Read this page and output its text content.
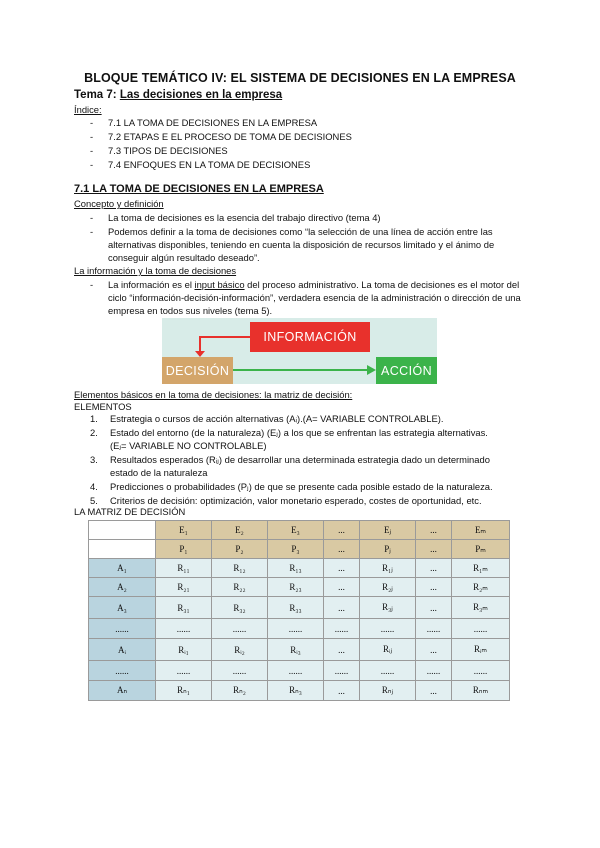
BLOQUE TEMÁTICO IV: EL SISTEMA DE DECISIONES EN LA EMPRESA
Tema 7: Las decisiones en la empresa
Índice:
- 7.1 LA TOMA DE DECISIONES EN LA EMPRESA
- 7.2 ETAPAS E EL PROCESO DE TOMA DE DECISIONES
- 7.3 TIPOS DE DECISIONES
- 7.4 ENFOQUES EN LA TOMA DE DECISIONES
7.1 LA TOMA DE DECISIONES EN LA EMPRESA
Concepto y definición
- La toma de decisiones es la esencia del trabajo directivo (tema 4)
- Podemos definir a la toma de decisiones como “la selección de una línea de acción entre las alternativas disponibles, teniendo en cuenta la disposición de recursos limitado y el ánimo de conseguir algún resultado deseado”.
La información y la toma de decisiones
- La información es el input básico del proceso administrativo. La toma de decisiones es el motor del ciclo “información-decisión-información”, verdadera esencia de la administración o dirección de una empresa en todos sus niveles (tema 5).
INFORMACIÓN
DECISIÓN	ACCIÓN
Elementos básicos en la toma de decisiones: la matriz de decisión:
ELEMENTOS
1. Estrategia o cursos de acción alternativas (Aᵢ).(A= VARIABLE CONTROLABLE).
2. Estado del entorno (de la naturaleza) (Eⱼ) a los que se enfrentan las estrategia alternativas.
(Eⱼ= VARIABLE NO CONTROLABLE)
3. Resultados esperados (Rᵢⱼ) de desarrollar una determinada estrategia dado un determinado
estado de la naturaleza
4. Predicciones o probabilidades (Pⱼ) de que se presente cada posible estado de la naturaleza.
5. Criterios de decisión: optimización, valor monetario esperado, costes de oportunidad, etc.
LA MATRIZ DE DECISIÓN
	E₁	E₂	E₃	...	Eⱼ	...	Eₘ
	P₁	P₂	P₃	...	Pⱼ	...	Pₘ
A₁	R₁₁	R₁₂	R₁₃	...	R₁ⱼ	...	R₁ₘ
A₂	R₂₁	R₂₂	R₂₃	...	R₂ⱼ	...	R₂ₘ
A₃	R₃₁	R₃₂	R₃₃	...	R₃ⱼ	...	R₃ₘ
......	......	......	......	......	......	......	......
Aᵢ	Rᵢ₁	Rᵢ₂	Rᵢ₃	...	Rᵢⱼ	...	Rᵢₘ
......	......	......	......	......	......	......	......
Aₙ	Rₙ₁	Rₙ₂	Rₙ₃	...	Rₙⱼ	...	Rₙₘ
